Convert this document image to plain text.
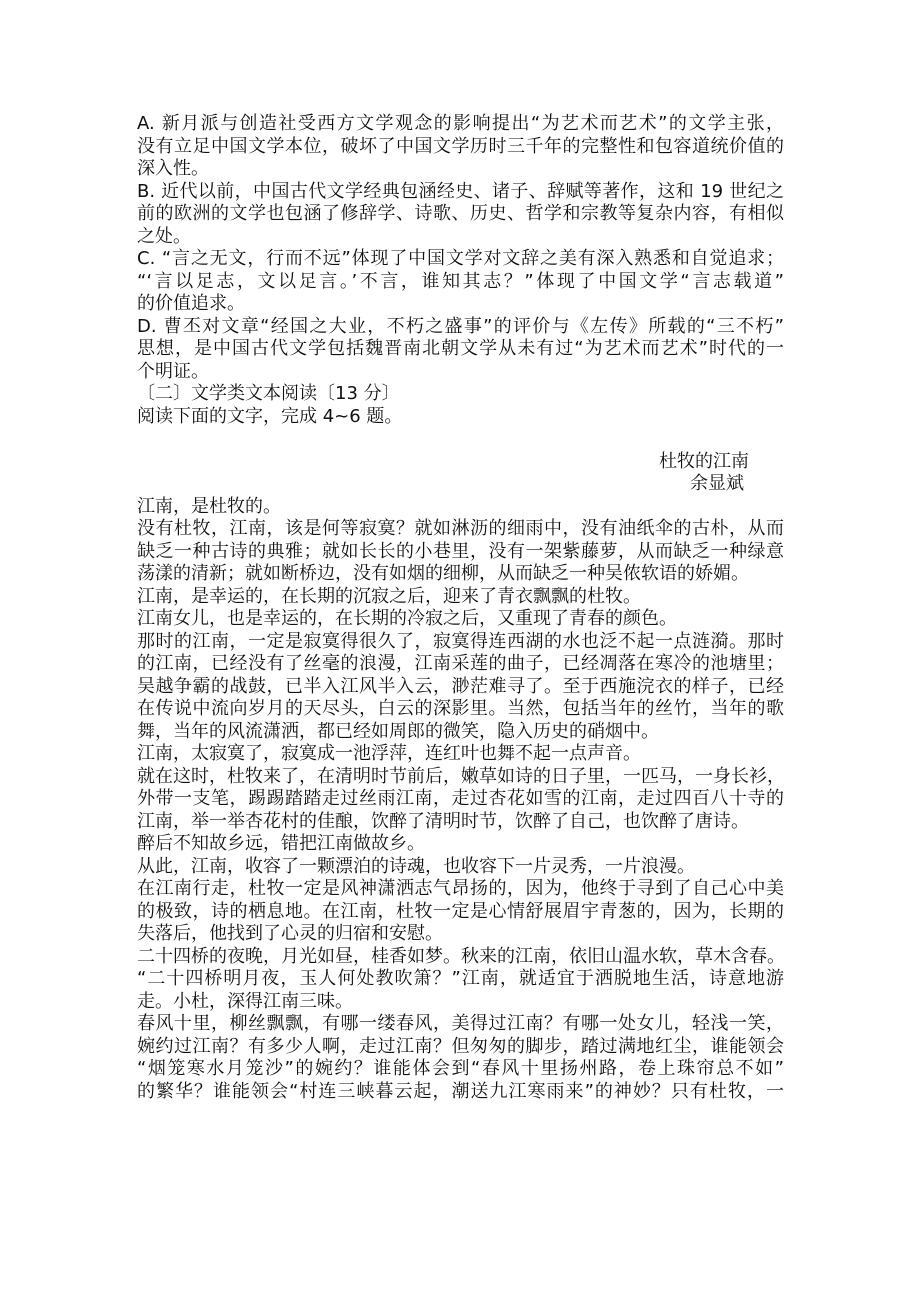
A. 新月派与创造社受西方文学观念的影响提出“为艺术而艺术”的文学主张，
没有立足中国文学本位，破坏了中国文学历时三千年的完整性和包容道统价值的
深入性。
B. 近代以前，中国古代文学经典包涵经史、诸子、辞赋等著作，这和 19 世纪之
前的欧洲的文学也包涵了修辞学、诗歌、历史、哲学和宗教等复杂内容，有相似
之处。
C. “言之无文，行而不远”体现了中国文学对文辞之美有深入熟悉和自觉追求；
“‘言以足志，文以足言。’不言，谁知其志？”体现了中国文学“言志载道”
的价值追求。
D. 曹丕对文章“经国之大业，不朽之盛事”的评价与《左传》所载的“三不朽”
思想，是中国古代文学包括魏晋南北朝文学从未有过“为艺术而艺术”时代的一
个明证。
〔二〕文学类文本阅读〔13 分〕
阅读下面的文字，完成 4~6 题。
杜牧的江南
余显斌
江南，是杜牧的。
没有杜牧，江南，该是何等寂寞？就如淋沥的细雨中，没有油纸伞的古朴，从而
缺乏一种古诗的典雅；就如长长的小巷里，没有一架紫藤萝，从而缺乏一种绿意
荡漾的清新；就如断桥边，没有如烟的细柳，从而缺乏一种吴侬软语的娇媚。
江南，是幸运的，在长期的沉寂之后，迎来了青衣飘飘的杜牧。
江南女儿，也是幸运的，在长期的冷寂之后，又重现了青春的颜色。
那时的江南，一定是寂寞得很久了，寂寞得连西湖的水也泛不起一点涟漪。那时
的江南，已经没有了丝毫的浪漫，江南采莲的曲子，已经凋落在寒冷的池塘里；
吴越争霸的战鼓，已半入江风半入云，渺茫难寻了。至于西施浣衣的样子，已经
在传说中流向岁月的天尽头，白云的深影里。当然，包括当年的丝竹，当年的歌
舞，当年的风流潇洒，都已经如周郎的微笑，隐入历史的硝烟中。
江南，太寂寞了，寂寞成一池浮萍，连红叶也舞不起一点声音。
就在这时，杜牧来了，在清明时节前后，嫩草如诗的日子里，一匹马，一身长衫，
外带一支笔，踢踢踏踏走过丝雨江南，走过杏花如雪的江南，走过四百八十寺的
江南，举一举杏花村的佳酿，饮醉了清明时节，饮醉了自己，也饮醉了唐诗。
醉后不知故乡远，错把江南做故乡。
从此，江南，收容了一颗漂泊的诗魂，也收容下一片灵秀，一片浪漫。
在江南行走，杜牧一定是风神潇洒志气昂扬的，因为，他终于寻到了自己心中美
的极致，诗的栖息地。在江南，杜牧一定是心情舒展眉宇青葱的，因为，长期的
失落后，他找到了心灵的归宿和安慰。
二十四桥的夜晚，月光如昼，桂香如梦。秋来的江南，依旧山温水软，草木含春。
“二十四桥明月夜，玉人何处教吹箫？”江南，就适宜于洒脱地生活，诗意地游
走。小杜，深得江南三味。
春风十里，柳丝飘飘，有哪一缕春风，美得过江南？有哪一处女儿，轻浅一笑，
婉约过江南？有多少人啊，走过江南？但匆匆的脚步，踏过满地红尘，谁能领会
“烟笼寒水月笼沙”的婉约？谁能体会到“春风十里扬州路，卷上珠帘总不如”
的繁华？谁能领会“村连三峡暮云起，潮送九江寒雨来”的神妙？只有杜牧，一
